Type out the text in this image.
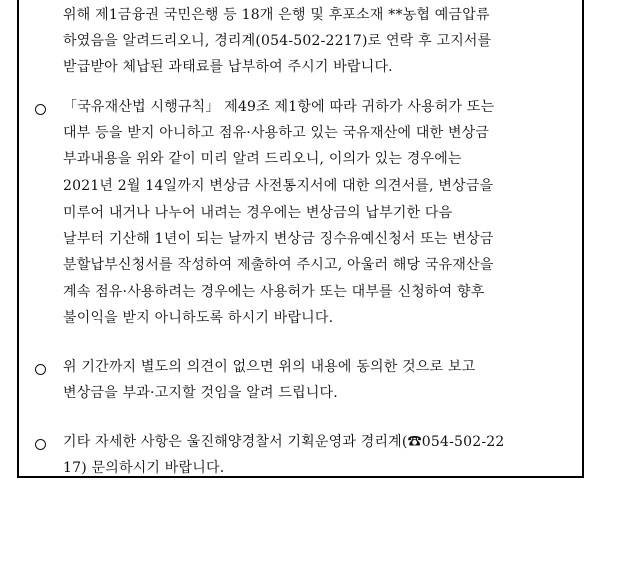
위해 제1금융권 국민은행 등 18개 은행 및 후포소재 **농협 예금압류
하였음을 알려드리오니, 경리계(054-502-2217)로 연락 후 고지서를
받급받아 체납된 과태료를 납부하여 주시기 바랍니다.
「국유재산법 시행규칙」 제49조 제1항에 따라 귀하가 사용허가 또는
대부 등을 받지 아니하고 점유·사용하고 있는 국유재산에 대한 변상금
부과내용을 위와 같이 미리 알려 드리오니, 이의가 있는 경우에는
2021년 2월 14일까지 변상금 사전통지서에 대한 의견서를, 변상금을
미루어 내거나 나누어 내려는 경우에는 변상금의 납부기한 다음
날부터 기산해 1년이 되는 날까지 변상금 징수유예신청서 또는 변상금
분할납부신청서를 작성하여 제출하여 주시고, 아울러 해당 국유재산을
계속 점유·사용하려는 경우에는 사용허가 또는 대부를 신청하여 향후
불이익을 받지 아니하도록 하시기 바랍니다.
위 기간까지 별도의 의견이 없으면 위의 내용에 동의한 것으로 보고
변상금을 부과·고지할 것임을 알려 드립니다.
기타 자세한 사항은 울진해양경찰서 기획운영과 경리계(☎054-502-22
17) 문의하시기 바랍니다.
